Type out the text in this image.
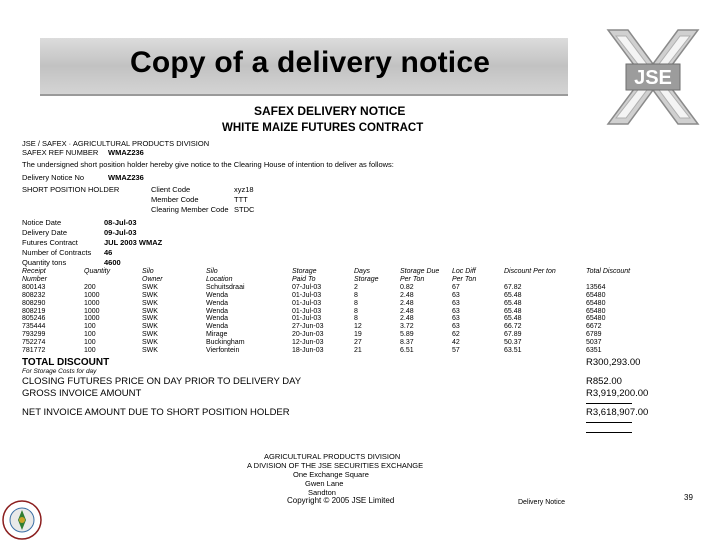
Copy of a delivery notice	JSE
SAFEX DELIVERY NOTICE
WHITE MAIZE FUTURES CONTRACT
JSE / SAFEX · AGRICULTURAL PRODUCTS DIVISION
SAFEX REF NUMBER WMAZ236
The undersigned short position holder hereby give notice to the Clearing House of intention to deliver as follows:
Delivery Notice No	WMAZ236
SHORT POSITION HOLDER	Client Code	xyz18
Member Code	TTT
Clearing Member Code STDC
Notice Date	08-Jul-03
Delivery Date	09-Jul-03
Futures Contract	JUL 2003 WMAZ
Number of Contracts 46
Quantity tons	4600
Receipt	Quantity	Silo	Silo	Storage	Days	Storage Due	Loc Diff	Discount Per ton	Total Discount
Number		Owner	Location	Paid To	Storage	Per Ton	Per Ton		
800143	200	SWK	Schuitsdraai	07-Jul-03	2	0.82	67	67.82	13564
808232	1000	SWK	Wenda	01-Jul-03	8	2.48	63	65.48	65480
808290	1000	SWK	Wenda	01-Jul-03	8	2.48	63	65.48	65480
808219	1000	SWK	Wenda	01-Jul-03	8	2.48	63	65.48	65480
805246	1000	SWK	Wenda	01-Jul-03	8	2.48	63	65.48	65480
735444	100	SWK	Wenda	27-Jun-03	12	3.72	63	66.72	6672
793299	100	SWK	Mirage	20-Jun-03	19	5.89	62	67.89	6789
752274	100	SWK	Buckingham	12-Jun-03	27	8.37	42	50.37	5037
781772	100	SWK	Vierfontein	18-Jun-03	21	6.51	57	63.51	6351
TOTAL DISCOUNT	R300,293.00
For Storage Costs for day
CLOSING FUTURES PRICE ON DAY PRIOR TO DELIVERY DAY	R852.00
GROSS INVOICE AMOUNT	R3,919,200.00
NET INVOICE AMOUNT DUE TO SHORT POSITION HOLDER	R3,618,907.00
AGRICULTURAL PRODUCTS DIVISION
A DIVISION OF THE JSE SECURITIES EXCHANGE
One Exchange Square
Gwen Lane
Sandton
Copyright © 2005 JSE Limited	Delivery Notice
39
